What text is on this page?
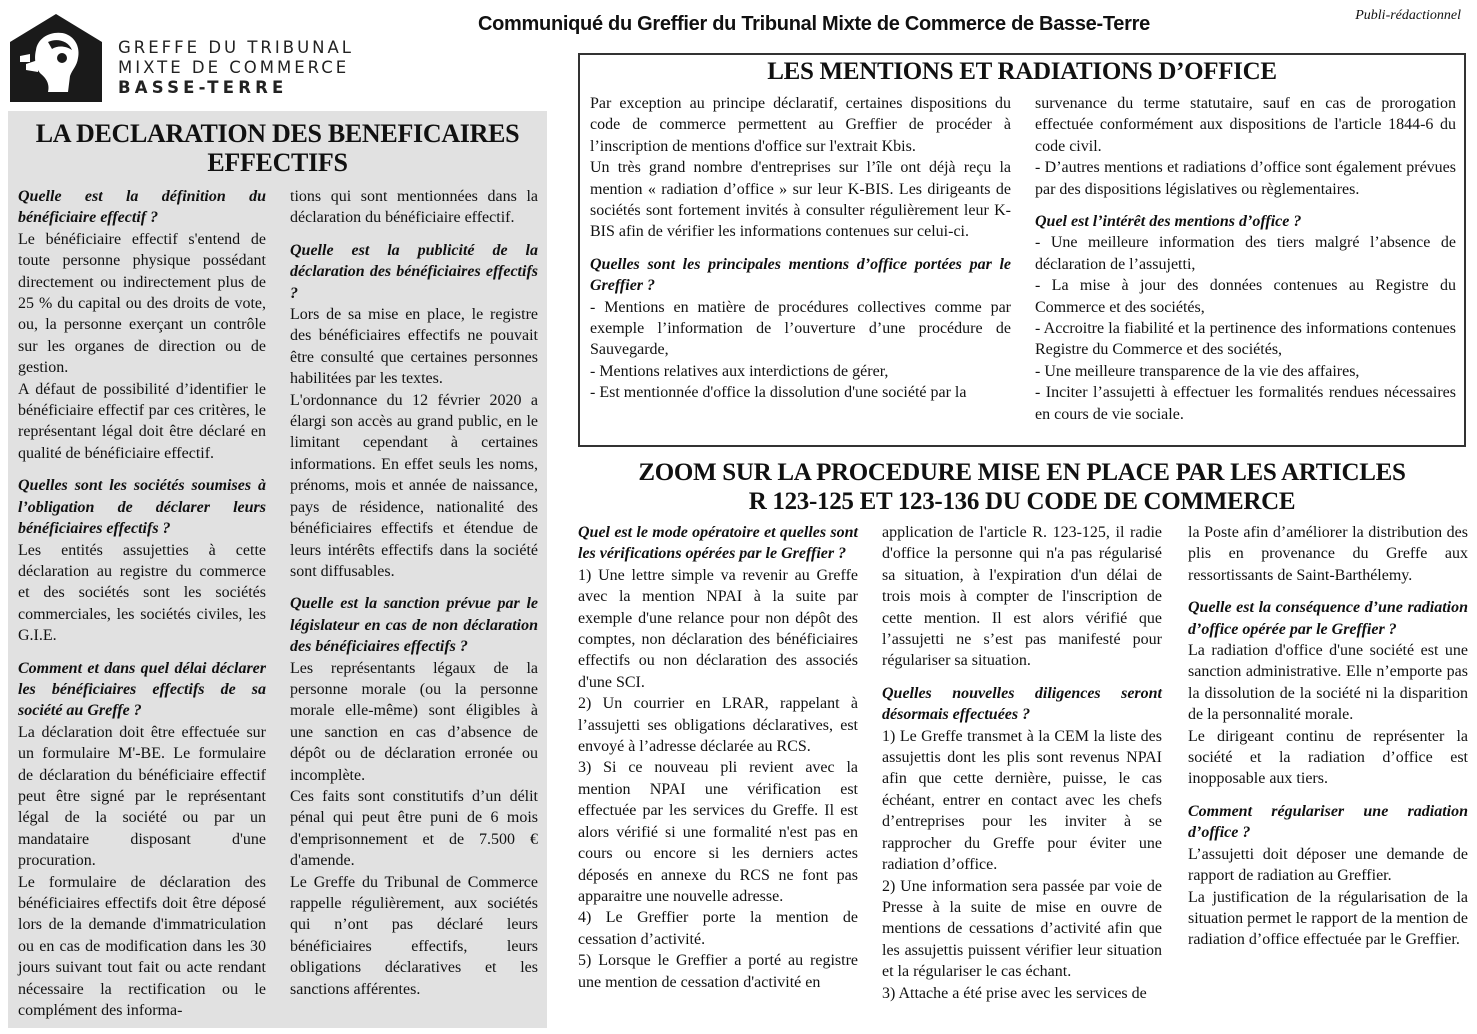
GREFFE DU TRIBUNAL
MIXTE DE COMMERCE
BASSE-TERRE
Communiqué du Greffier du Tribunal Mixte de Commerce de Basse-Terre	Publi-rédactionnel
LA DECLARATION DES BENEFICAIRES
EFFECTIFS
Quelle est la définition du bénéficiaire effectif ?
Le bénéficiaire effectif s'entend de toute personne physique possédant directement ou indirectement plus de 25 % du capital ou des droits de vote, ou, la personne exerçant un contrôle sur les organes de direction ou de gestion.
A défaut de possibilité d’identifier le bénéficiaire effectif par ces critères, le représentant légal doit être déclaré en qualité de bénéficiaire effectif.
Quelles sont les sociétés soumises à l’obligation de déclarer leurs bénéficiaires effectifs ?
Les entités assujetties à cette déclaration au registre du commerce et des sociétés sont les sociétés commerciales, les sociétés civiles, les G.I.E.
Comment et dans quel délai déclarer les bénéficiaires effectifs de sa société au Greffe ?
La déclaration doit être effectuée sur un formulaire M'-BE. Le formulaire de déclaration du bénéficiaire effectif peut être signé par le représentant légal de la société ou par un mandataire disposant d'une procuration.
Le formulaire de déclaration des bénéficiaires effectifs doit être déposé lors de la demande d'immatriculation ou en cas de modification dans les 30 jours suivant tout fait ou acte rendant nécessaire la rectification ou le complément des informa-
tions qui sont mentionnées dans la déclaration du bénéficiaire effectif.
Quelle est la publicité de la déclaration des bénéficiaires effectifs ?
Lors de sa mise en place, le registre des bénéficiaires effectifs ne pouvait être consulté que certaines personnes habilitées par les textes.
L'ordonnance du 12 février 2020 a élargi son accès au grand public, en le limitant cependant à certaines informations. En effet seuls les noms, prénoms, mois et année de naissance, pays de résidence, nationalité des bénéficiaires effectifs et étendue de leurs intérêts effectifs dans la société sont diffusables.
Quelle est la sanction prévue par le législateur en cas de non déclaration des bénéficiaires effectifs ?
Les représentants légaux de la personne morale (ou la personne morale elle-même) sont éligibles à une sanction en cas d’absence de dépôt ou de déclaration erronée ou incomplète.
Ces faits sont constitutifs d’un délit pénal qui peut être puni de 6 mois d'emprisonnement et de 7.500 € d'amende.
Le Greffe du Tribunal de Commerce rappelle régulièrement, aux sociétés qui n’ont pas déclaré leurs bénéficiaires effectifs, leurs obligations déclaratives et les sanctions afférentes.
LES MENTIONS ET RADIATIONS D’OFFICE
Par exception au principe déclaratif, certaines dispositions du code de commerce permettent au Greffier de procéder à l’inscription de mentions d'office sur l'extrait Kbis.
Un très grand nombre d'entreprises sur l’île ont déjà reçu la mention « radiation d’office » sur leur K-BIS. Les dirigeants de sociétés sont fortement invités à consulter régulièrement leur K-BIS afin de vérifier les informations contenues sur celui-ci.
Quelles sont les principales mentions d’office portées par le Greffier ?
- Mentions en matière de procédures collectives comme par exemple l’information de l’ouverture d’une procédure de Sauvegarde,
- Mentions relatives aux interdictions de gérer,
- Est mentionnée d'office la dissolution d'une société par la
survenance du terme statutaire, sauf en cas de prorogation effectuée conformément aux dispositions de l'article 1844-6 du code civil.
- D’autres mentions et radiations d’office sont également prévues par des dispositions législatives ou règlementaires.
Quel est l’intérêt des mentions d’office ?
- Une meilleure information des tiers malgré l’absence de déclaration de l’assujetti,
- La mise à jour des données contenues au Registre du Commerce et des sociétés,
- Accroitre la fiabilité et la pertinence des informations contenues Registre du Commerce et des sociétés,
- Une meilleure transparence de la vie des affaires,
- Inciter l’assujetti à effectuer les formalités rendues nécessaires en cours de vie sociale.
ZOOM SUR LA PROCEDURE MISE EN PLACE PAR LES ARTICLES
R 123-125 ET 123-136 DU CODE DE COMMERCE
Quel est le mode opératoire et quelles sont les vérifications opérées par le Greffier ?
1) Une lettre simple va revenir au Greffe avec la mention NPAI à la suite par exemple d'une relance pour non dépôt des comptes, non déclaration des bénéficiaires effectifs ou non déclaration des associés d'une SCI.
2) Un courrier en LRAR, rappelant à l’assujetti ses obligations déclaratives, est envoyé à l’adresse déclarée au RCS.
3) Si ce nouveau pli revient avec la mention NPAI une vérification est effectuée par les services du Greffe. Il est alors vérifié si une formalité n'est pas en cours ou encore si les derniers actes déposés en annexe du RCS ne font pas apparaitre une nouvelle adresse.
4) Le Greffier porte la mention de cessation d’activité.
5) Lorsque le Greffier a porté au registre une mention de cessation d'activité en
application de l'article R. 123-125, il radie d'office la personne qui n'a pas régularisé sa situation, à l'expiration d'un délai de trois mois à compter de l'inscription de cette mention. Il est alors vérifié que l’assujetti ne s’est pas manifesté pour régulariser sa situation.
Quelles nouvelles diligences seront désormais effectuées ?
1) Le Greffe transmet à la CEM la liste des assujettis dont les plis sont revenus NPAI afin que cette dernière, puisse, le cas échéant, entrer en contact avec les chefs d’entreprises pour les inviter à se rapprocher du Greffe pour éviter une radiation d’office.
2) Une information sera passée par voie de Presse à la suite de mise en ouvre de mentions de cessations d’activité afin que les assujettis puissent vérifier leur situation et la régulariser le cas échant.
3) Attache a été prise avec les services de
la Poste afin d’améliorer la distribution des plis en provenance du Greffe aux ressortissants de Saint-Barthélemy.
Quelle est la conséquence d’une radiation d’office opérée par le Greffier ?
La radiation d'office d'une société est une sanction administrative. Elle n’emporte pas la dissolution de la société ni la disparition de la personnalité morale.
Le dirigeant continu de représenter la société et la radiation d’office est inopposable aux tiers.
Comment régulariser une radiation d’office ?
L’assujetti doit déposer une demande de rapport de radiation au Greffier.
La justification de la régularisation de la situation permet le rapport de la mention de radiation d’office effectuée par le Greffier.
